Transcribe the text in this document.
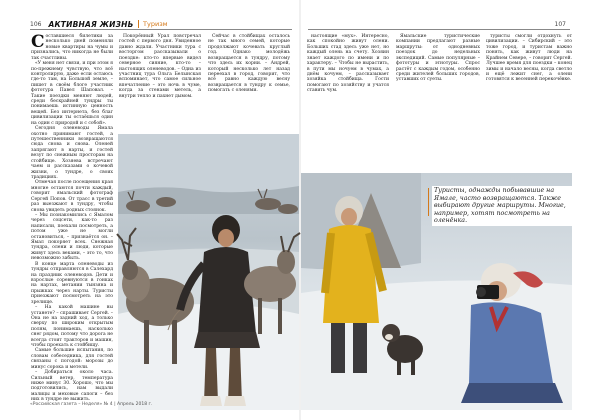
106 АКТИВНАЯ ЖИЗНЬ Туризм	107

Составшиеся билетики за несколько дней поменяли новые квартиры на чумы и признались, что никогда не были так счастливы.

«У меня нет связи, и при этом я по-прежнему чувствую, что всё контролирую, даже если остаюсь где-то там, на Большой земле, – пишет в своём блоге участник фототура Павел Шаповал. – Такие поездки меняют людей, среди бескрайней тундры ты понимаешь истинную ценность вещей. Без интернета, без благ цивилизации ты остаёшься один на один с природой и с собой».

Сегодня оленеводы Ямала охотно принимают гостей, а путешественники возвращаются сюда снова и снова. Оленей запрягают в нарты, и гостей везут по снежным просторам на стойбище. Хозяева встречают чаем и рассказами о кочевой жизни, о тундре, о своих традициях.

Отмечая после посещения края многие остаются почти каждый, говорит ямальский фотограф Сергей Попов. От трасс в третий раз выезжают в тундру, чтобы снова увидеть родных стоянок.

– Мы познакомились с Ямалом через соцсети, как-то раз написали, поехали посмотреть, а потом уже не могли остановиться, – признаётся он. – Ямал покоряет всех. Снежная тундра, олени и люди, которые живут здесь веками, – это то, что невозможно забыть.

В конце марта оленеводы из тундры отправляются в Салехард на праздник оленеводов. Дети и взрослые соревнуются в гонках на нартах, метании тынзяна и прыжках через нарты. Туристы приезжают посмотреть на это зрелище.

– На какой машине вы устанете? – спрашивает Сергей. – Она не на задний ход, а только сверху по широким открытым полям, понимаешь, насколько снег рядом, потому что дорога не всегда стоит тракторов и машин, чтобы проехать к стойбищу.

Самые большие испытания, по словам собеседника, для гостей связаны с погодой: морозы до минус сорока и метели.

– Добираться около часа. Сильный ветер, температура ниже минус 30. Хорошо, что мы подготовились, нам выдали малицы и меховые сапоги – без них в тундре не выжить.

Покорённый Урал повстречал гостей с первого дня. Увиденное давно ждали. Участники тура с восторгом рассказывали о поездке: кто-то впервые видел северное сияние, кто-то – настоящих оленеводов. – Одна из участниц тура Ольга Белынская вспоминает, что самое сильное впечатление – это ночь в чуме, когда за стенами метель, а внутри тепло и пахнет дымом.

Сейчас в стойбищах осталось не так много семей, которые продолжают кочевать круглый год. Однако молодёжь возвращается в тундру, потому что здесь их корни. – Андрей, который несколько лет назад переехал в город, говорит, что всё равно каждую весну возвращается в тундру к семье, помогать с оленями.

настоящие «мух». Интересно, как спокойно живут олени. Больших стад здесь уже нет, но каждый олень на счету. Хозяин знает каждого по имени и по характеру. – Чтобы не вырастить, в пути мы ночуем в чумах, а днём кочуем, – рассказывает хозяйка стойбища. Гости помогают по хозяйству и учатся ставить чум.

Ямальские туристические компании предлагают разные маршруты: от однодневных поездок до недельных экспедиций. Самые популярные – фототуры и этнотуры. Спрос растёт с каждым годом, особенно среди жителей больших городов, уставших от суеты.

туристы смогли отдохнуть от цивилизации. – Сибирский – это тоже город, и туристам важно понять, как живут люди на Крайнем Севере, – говорит Сергей. Лучшее время для поездки – конец зимы и начало весны, когда светло и ещё лежит снег, а олени готовятся к весенней перекочёвке.

Туристы, однажды побывавшие на Ямале, часто возвращаются. Также выбирают другие маршруты. Многие, например, хотят посмотреть на оленёнка.
«Российская газета – Неделя» № 4 | Апрель 2018 г.
